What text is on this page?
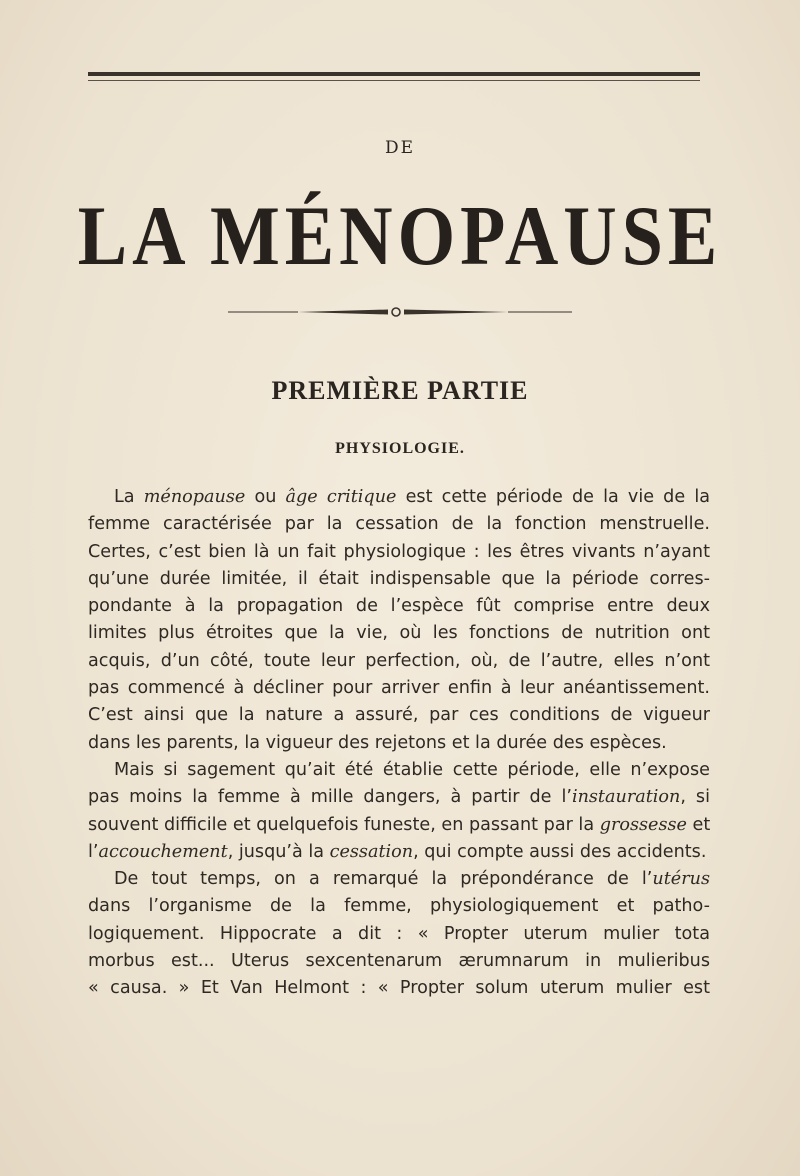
DE
LA MÉNOPAUSE
PREMIÈRE PARTIE
PHYSIOLOGIE.
La ménopause ou âge critique est cette période de la vie de la
femme caractérisée par la cessation de la fonction menstruelle.
Certes, c’est bien là un fait physiologique : les êtres vivants n’ayant
qu’une durée limitée, il était indispensable que la période corres-
pondante à la propagation de l’espèce fût comprise entre deux
limites plus étroites que la vie, où les fonctions de nutrition ont
acquis, d’un côté, toute leur perfection, où, de l’autre, elles n’ont
pas commencé à décliner pour arriver enfin à leur anéantissement.
C’est ainsi que la nature a assuré, par ces conditions de vigueur
dans les parents, la vigueur des rejetons et la durée des espèces.
Mais si sagement qu’ait été établie cette période, elle n’expose
pas moins la femme à mille dangers, à partir de l’instauration, si
souvent difficile et quelquefois funeste, en passant par la grossesse et
l’accouchement, jusqu’à la cessation, qui compte aussi des accidents.
De tout temps, on a remarqué la prépondérance de l’utérus
dans l’organisme de la femme, physiologiquement et patho-
logiquement. Hippocrate a dit : « Propter uterum mulier tota
morbus est... Uterus sexcentenarum ærumnarum in mulieribus
« causa. » Et Van Helmont : « Propter solum uterum mulier est
